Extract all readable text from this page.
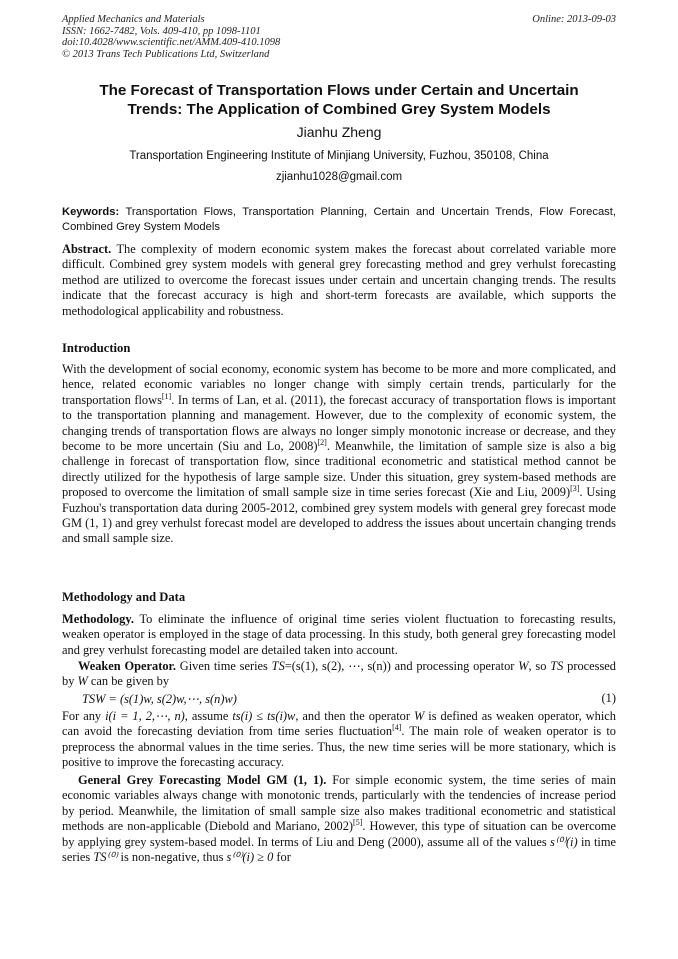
Applied Mechanics and Materials
ISSN: 1662-7482, Vols. 409-410, pp 1098-1101
doi:10.4028/www.scientific.net/AMM.409-410.1098
© 2013 Trans Tech Publications Ltd, Switzerland
Online: 2013-09-03
The Forecast of Transportation Flows under Certain and Uncertain
Trends: The Application of Combined Grey System Models
Jianhu Zheng
Transportation Engineering Institute of Minjiang University, Fuzhou, 350108, China
zjianhu1028@gmail.com
Keywords: Transportation Flows, Transportation Planning, Certain and Uncertain Trends, Flow Forecast, Combined Grey System Models

Abstract. The complexity of modern economic system makes the forecast about correlated variable more difficult. Combined grey system models with general grey forecasting method and grey verhulst forecasting method are utilized to overcome the forecast issues under certain and uncertain changing trends. The results indicate that the forecast accuracy is high and short-term forecasts are available, which supports the methodological applicability and robustness.

Introduction

With the development of social economy, economic system has become to be more and more complicated, and hence, related economic variables no longer change with simply certain trends, particularly for the transportation flows[1]. In terms of Lan, et al. (2011), the forecast accuracy of transportation flows is important to the transportation planning and management. However, due to the complexity of economic system, the changing trends of transportation flows are always no longer simply monotonic increase or decrease, and they become to be more uncertain (Siu and Lo, 2008)[2]. Meanwhile, the limitation of sample size is also a big challenge in forecast of transportation flow, since traditional econometric and statistical method cannot be directly utilized for the hypothesis of large sample size. Under this situation, grey system-based methods are proposed to overcome the limitation of small sample size in time series forecast (Xie and Liu, 2009)[3]. Using Fuzhou's transportation data during 2005-2012, combined grey system models with general grey forecast mode GM (1, 1) and grey verhulst forecast model are developed to address the issues about uncertain changing trends and small sample size.

Methodology and Data

Methodology. To eliminate the influence of original time series violent fluctuation to forecasting results, weaken operator is employed in the stage of data processing. In this study, both general grey forecasting model and grey verhulst forecasting model are detailed taken into account.

Weaken Operator. Given time series TS=(s(1), s(2), ⋯, s(n)) and processing operator W, so TS processed by W can be given by

TSW = (s(1)w, s(2)w,⋯, s(n)w)	(1)

For any i(i = 1, 2,⋯, n), assume ts(i) ≤ ts(i)w, and then the operator W is defined as weaken operator, which can avoid the forecasting deviation from time series fluctuation[4]. The main role of weaken operator is to preprocess the abnormal values in the time series. Thus, the new time series will be more stationary, which is positive to improve the forecasting accuracy.

General Grey Forecasting Model GM (1, 1). For simple economic system, the time series of main economic variables always change with monotonic trends, particularly with the tendencies of increase period by period. Meanwhile, the limitation of small sample size also makes traditional econometric and statistical methods are non-applicable (Diebold and Mariano, 2002)[5]. However, this type of situation can be overcome by applying grey system-based model. In terms of Liu and Deng (2000), assume all of the values s⁽⁰⁾(i) in time series TS⁽⁰⁾ is non-negative, thus s⁽⁰⁾(i) ≥ 0 for
